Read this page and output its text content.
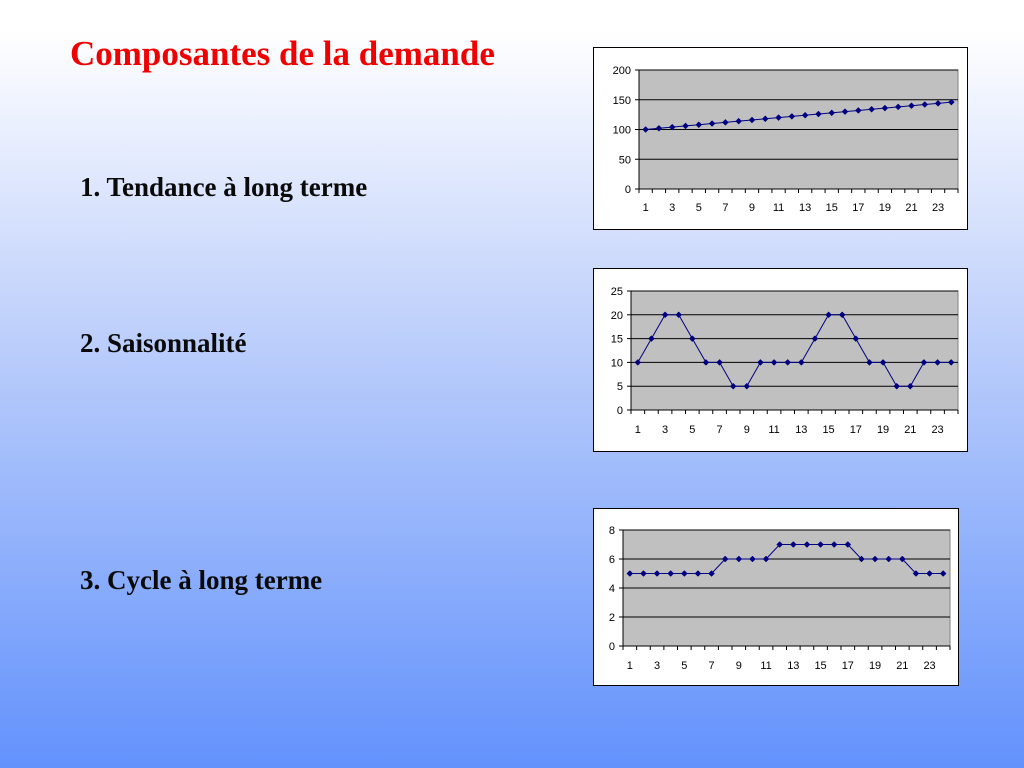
Composantes de la demande
1. Tendance à long terme
2. Saisonnalité
3. Cycle à long terme
0
50
100
150
200
1 3 5 7 9 11 13 15 17 19 21 23
0
5
10
15
20
25
1 3 5 7 9 11 13 15 17 19 21 23
0
2
4
6
8
1 3 5 7 9 11 13 15 17 19 21 23
